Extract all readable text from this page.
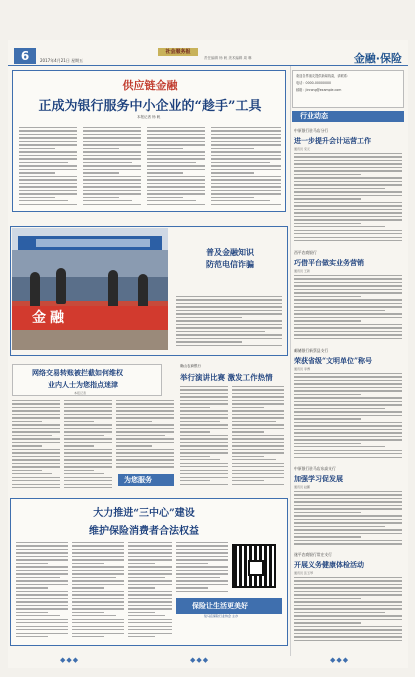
6	2017年4月21日 星期五
社会服务报
责任编辑 杨 帆 美术编辑 周 琳	金融·保险
供应链金融
正成为银行服务中小企业的“趁手”工具
本报记者 杨 帆

欢迎各界朋友提供新闻线索，请联系：

电话：0000-00000000

邮箱：jinrong@example.com

行业动态
中原银行驻马店分行
进一步提升会计运营工作
通讯员 宋元
西平农商银行
巧借平台做实业务营销
通讯员 王新
邮储银行新蔡县支行
荣获省级“文明单位”称号
通讯员 李博
中原银行驻马店东高支行
加强学习促发展
通讯员 赵鹏
遂平农商银行常庄支行
开展义务健康体检活动
通讯员 张玉琴
金融
普及金融知识
防范电信诈骗
网络交易转账被拦截如何维权
业内人士为您指点迷津
本报记者
为您服务
确山农商银行
举行演讲比赛 激发工作热情
大力推进“三中心”建设
维护保险消费者合法权益
保险让生活更美好
驻马店保险行业协会 主办
◆◆◆	◆◆◆	◆◆◆
